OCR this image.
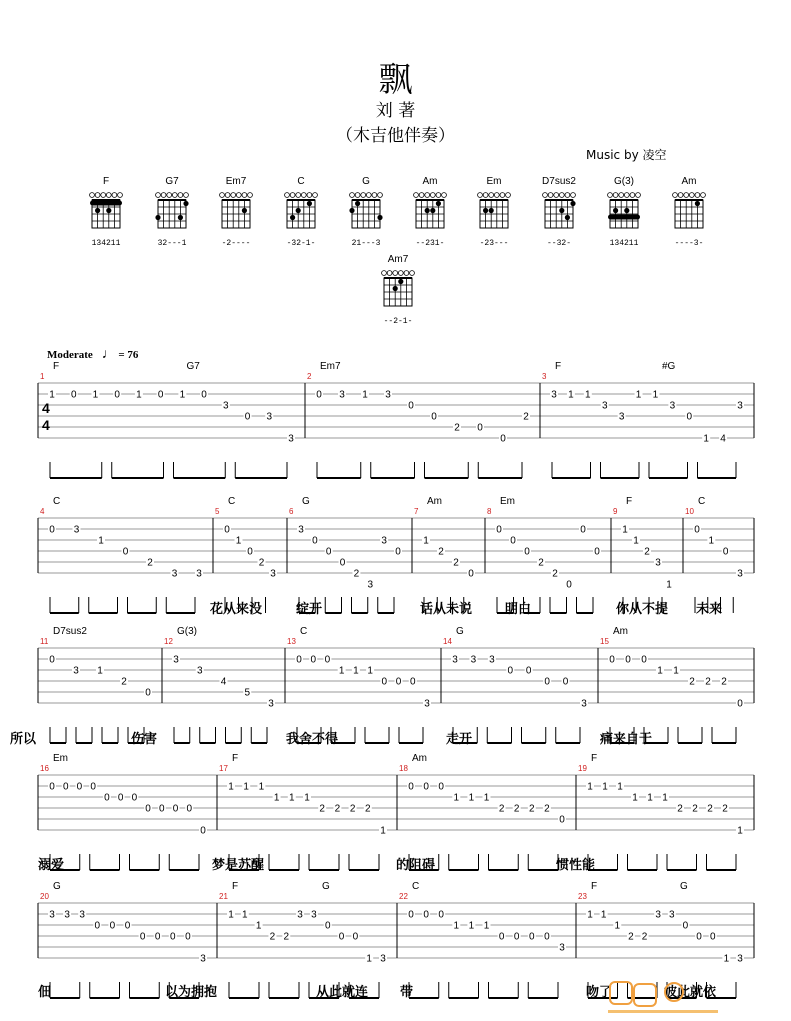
飘
刘 著
（木吉他伴奏）
Music by 凌空
F
134211
G7
32---1
Em7
-2----
C
-32-1-
G
21---3
Am
--231-
Em
-23---
D7sus2
--32-
G(3)
134211
Am
----3-
Am7
--2-1-
Moderate ♩ = 76
1
F	G7
1 0 1 0 1 0 1 0
3
0 3
3
2
Em7
0 3 1 3
0
0
2 0
0
2
3
F	#G
3 1 1
3
3
1 1
3
0
1 4
3
4
C
0 3
1
0
2
3 3
5
C
0
1
0
2
3
6
G
3
0
0
0
2
3
3
0
7
Am
1
2
2
0
8
Em
0
0
0
2
2
0
0
0
9
F
1
1
2
3
1
10
C
0
1
0
3
11
D7sus2
0
3 1
2
0
12
G(3)
3
3
4
5
3
13
C
0 0 0
1 1 1
0 0 0
3
14
G
3 3 3
0 0
0 0
3
15
Am
0 0 0
1 1
2 2 2
0
16
Em
0 0 0 0
0 0 0
0 0 0 0
0
17
F
1 1 1
1 1 1
2 2 2 2
1
18
Am
0 0 0
1 1 1
2 2 2 2
0
19
F
1 1 1
1 1 1
2 2 2 2
1
20
G
3 3 3
0 0 0
0 0 0 0
3
21
F	G
1 1
1
2 2
3 3
0
0 0
1 3
22
C
0 0 0
1 1 1
0 0 0 0
3
23
F	G
1 1
1
2 2
3 3
0
0 0
1 3
4
4
花从来没	绽开	话从未说	明白	你从不提 未来
所以	伤害	我舍不得	走开	痛来自于
溺爱	梦是苏醒	的阻碍	惯性能
佃	以为拥抱	从此就连 带	吻了	彼此就依
